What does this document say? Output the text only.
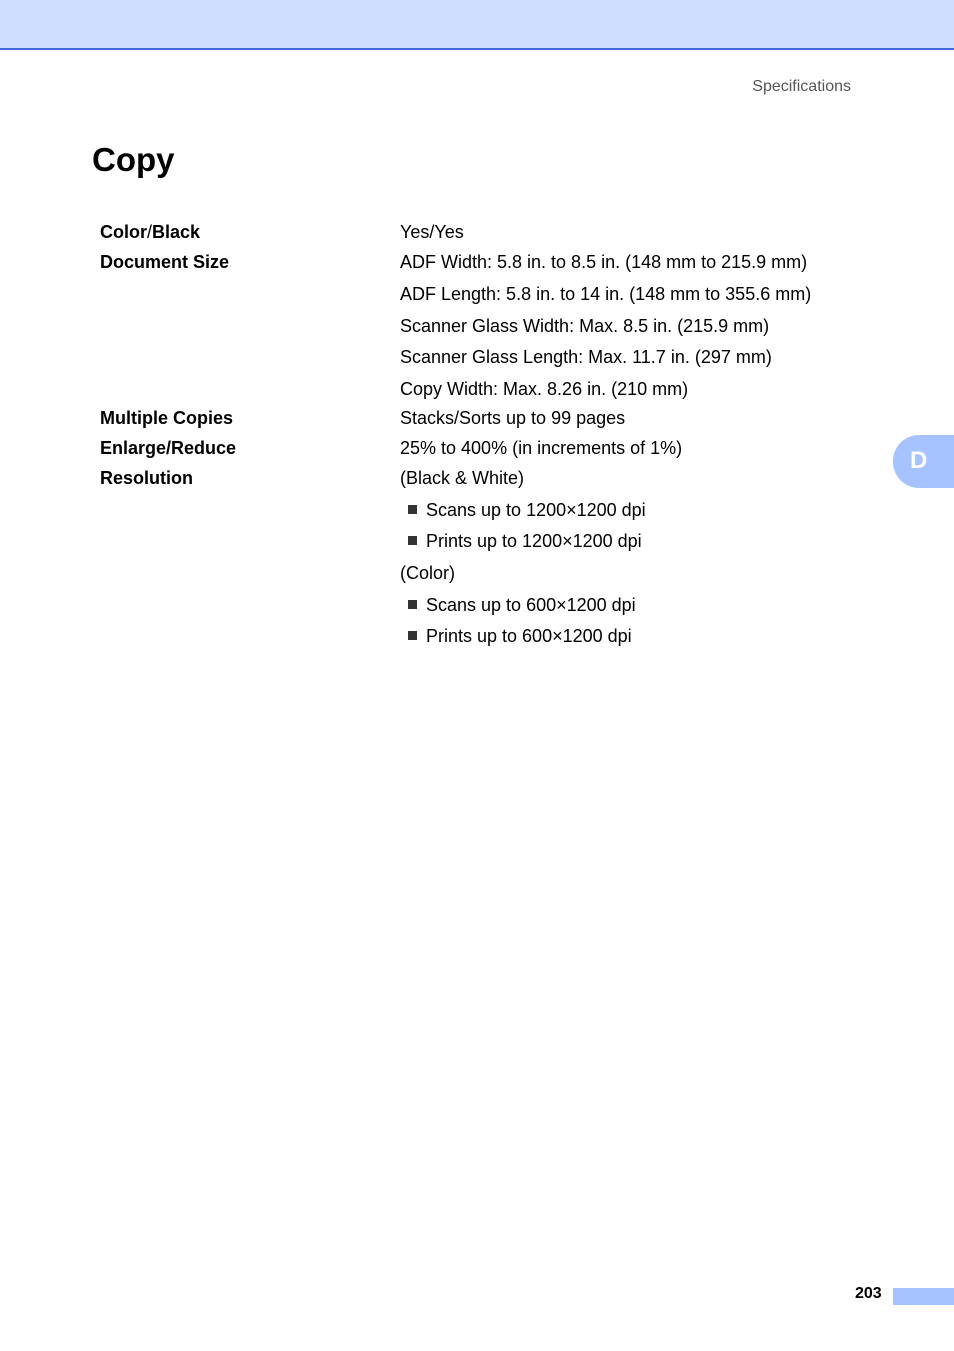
Specifications
Copy
Color/Black	Yes/Yes
Document Size	ADF Width: 5.8 in. to 8.5 in. (148 mm to 215.9 mm)
ADF Length: 5.8 in. to 14 in. (148 mm to 355.6 mm)
Scanner Glass Width: Max. 8.5 in. (215.9 mm)
Scanner Glass Length: Max. 11.7 in. (297 mm)
Copy Width: Max. 8.26 in. (210 mm)
Multiple Copies	Stacks/Sorts up to 99 pages
Enlarge/Reduce	25% to 400% (in increments of 1%)
Resolution	(Black & White)
Scans up to 1200×1200 dpi
Prints up to 1200×1200 dpi
(Color)
Scans up to 600×1200 dpi
Prints up to 600×1200 dpi
D
203
